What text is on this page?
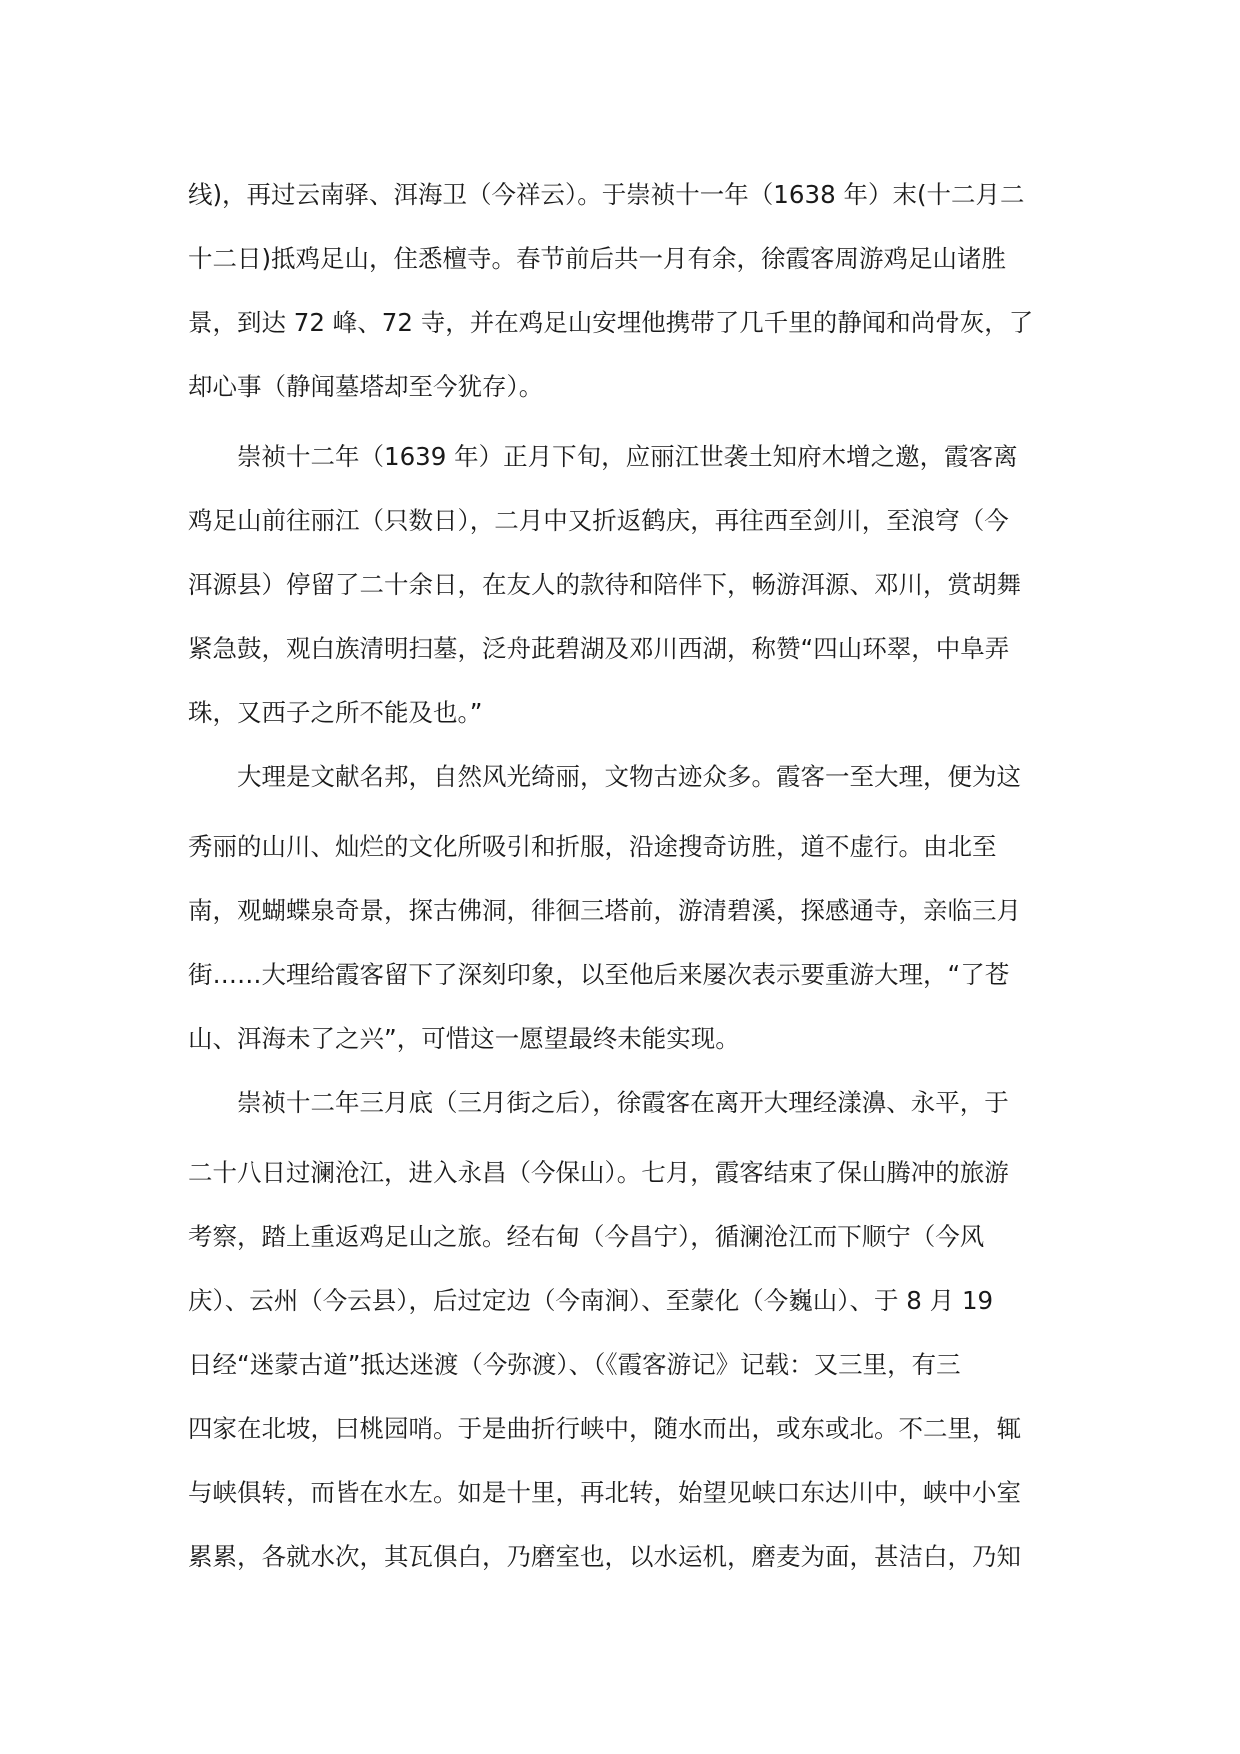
线)，再过云南驿、洱海卫（今祥云）。于崇祯十一年（1638 年）末(十二月二
十二日)抵鸡足山，住悉檀寺。春节前后共一月有余，徐霞客周游鸡足山诸胜
景，到达 72 峰、72 寺，并在鸡足山安埋他携带了几千里的静闻和尚骨灰，了
却心事（静闻墓塔却至今犹存）。
崇祯十二年（1639 年）正月下旬，应丽江世袭土知府木增之邀，霞客离
鸡足山前往丽江（只数日），二月中又折返鹤庆，再往西至剑川，至浪穹（今
洱源县）停留了二十余日，在友人的款待和陪伴下，畅游洱源、邓川，赏胡舞
紧急鼓，观白族清明扫墓，泛舟茈碧湖及邓川西湖，称赞“四山环翠，中阜弄
珠，又西子之所不能及也。”
大理是文献名邦，自然风光绮丽，文物古迹众多。霞客一至大理，便为这
秀丽的山川、灿烂的文化所吸引和折服，沿途搜奇访胜，道不虚行。由北至
南，观蝴蝶泉奇景，探古佛洞，徘徊三塔前，游清碧溪，探感通寺，亲临三月
街……大理给霞客留下了深刻印象，以至他后来屡次表示要重游大理，“了苍
山、洱海未了之兴”，可惜这一愿望最终未能实现。
崇祯十二年三月底（三月街之后），徐霞客在离开大理经漾濞、永平，于
二十八日过澜沧江，进入永昌（今保山）。七月，霞客结束了保山腾冲的旅游
考察，踏上重返鸡足山之旅。经右甸（今昌宁），循澜沧江而下顺宁（今风
庆）、云州（今云县），后过定边（今南涧）、至蒙化（今巍山）、于 8 月 19
日经“迷蒙古道”抵达迷渡（今弥渡）、（《霞客游记》记载：又三里，有三
四家在北坡，曰桃园哨。于是曲折行峡中，随水而出，或东或北。不二里，辄
与峡俱转，而皆在水左。如是十里，再北转，始望见峡口东达川中，峡中小室
累累，各就水次，其瓦俱白，乃磨室也，以水运机，磨麦为面，甚洁白，乃知
